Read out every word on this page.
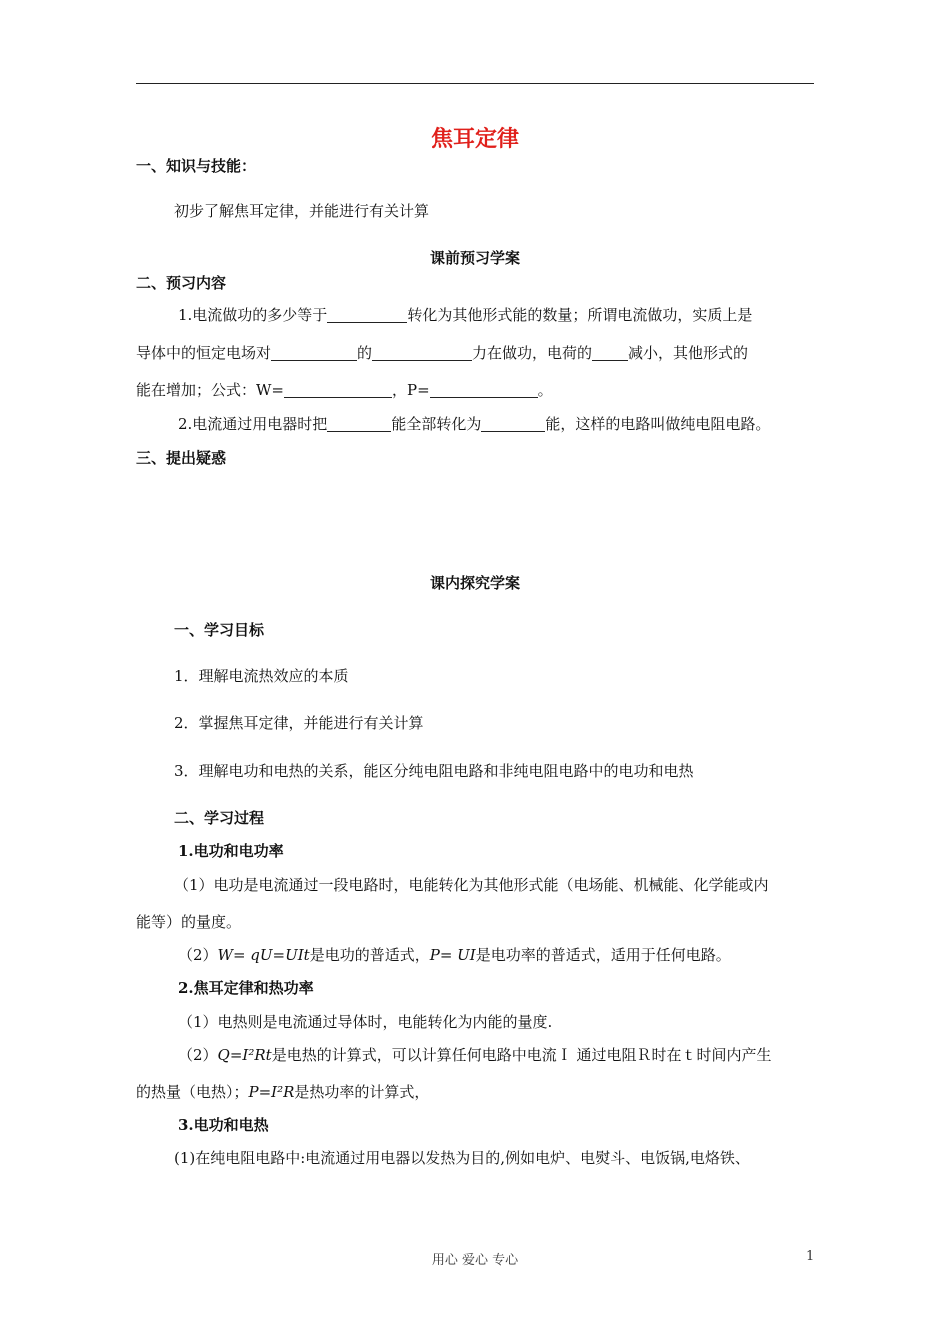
焦耳定律
一、知识与技能：
初步了解焦耳定律，并能进行有关计算
课前预习学案
二、预习内容
1.电流做功的多少等于	转化为其他形式能的数量；所谓电流做功，实质上是
导体中的恒定电场对	的	力在做功，电荷的 减小，其他形式的
能在增加；公式：W=	，P=	。
2.电流通过用电器时把	能全部转化为	能，这样的电路叫做纯电阻电路。
三、提出疑惑
课内探究学案
一、学习目标
1．理解电流热效应的本质
2．掌握焦耳定律，并能进行有关计算
3．理解电功和电热的关系，能区分纯电阻电路和非纯电阻电路中的电功和电热
二、学习过程
1.电功和电功率
（1）电功是电流通过一段电路时，电能转化为其他形式能（电场能、机械能、化学能或内
能等）的量度。
（2）W= qU=UIt是电功的普适式，P= UI是电功率的普适式，适用于任何电路。
2.焦耳定律和热功率
（1）电热则是电流通过导体时，电能转化为内能的量度.
（2）Q=I²Rt是电热的计算式，可以计算任何电路中电流Ｉ 通过电阻Ｒ时在ｔ时间内产生
的热量（电热）；P=I²R是热功率的计算式，
3.电功和电热
(1)在纯电阻电路中:电流通过用电器以发热为目的,例如电炉、电熨斗、电饭锅,电烙铁、
用心 爱心 专心	1
